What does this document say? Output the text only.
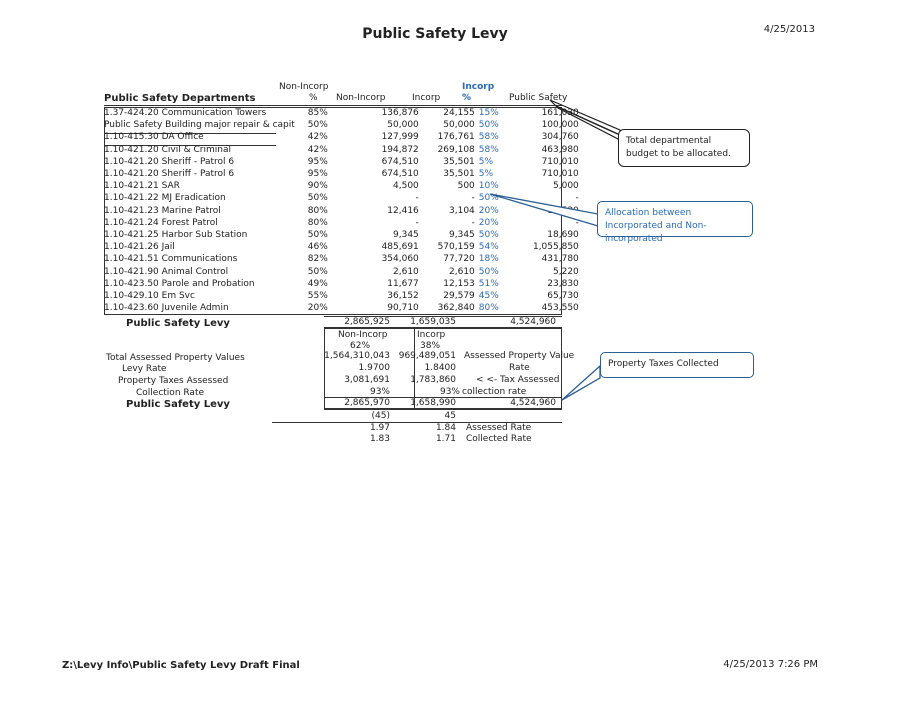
Public Safety Levy	4/25/2013
Non-Incorp
%
Public Safety Departments	Non-Incorp	Incorp
Incorp
%	Public Safety
1.37-424.20 Communication Towers	85%	136,876	24,155	15%	161,030
Public Safety Building major repair & capit	50%	50,000	50,000	50%	100,000
1.10-415.30 DA Office	42%	127,999	176,761	58%	304,760
1.10-421.20 Civil & Criminal	42%	194,872	269,108	58%	463,980
1.10-421.20 Sheriff - Patrol 6	95%	674,510	35,501	5%	710,010
1.10-421.20 Sheriff - Patrol 6	95%	674,510	35,501	5%	710,010
1.10-421.21 SAR	90%	4,500	500	10%	5,000
1.10-421.22 MJ Eradication	50%	-	-	50%	-
1.10-421.23 Marine Patrol	80%	12,416	3,104	20%	
1.10-421.24 Forest Patrol	80%	-	-	20%	-
1.10-421.25 Harbor Sub Station	50%	9,345	9,345	50%	18,690
1.10-421.26 Jail	46%	485,691	570,159	54%	1,055,850
1.10-421.51 Communications	82%	354,060	77,720	18%	431,780
1.10-421.90 Animal Control	50%	2,610	2,610	50%	5,220
1.10-423.50 Parole and Probation	49%	11,677	12,153	51%	23,830
1.10-429.10 Em Svc	55%	36,152	29,579	45%	65,730
1.10-423.60 Juvenile Admin	20%	90,710	362,840	80%	453,550
Public Safety Levy	2,865,925	1,659,035	4,524,960
Non-Incorp	Incorp
62%	38%
Total Assessed Property Values	1,564,310,043 969,489,051 Assessed Property Value
Levy Rate	1.9700	1.8400	Rate
Property Taxes Assessed	3,081,691	1,783,860 < <- Tax Assessed
Collection Rate	93%	93% collection rate
Public Safety Levy	2,865,970	1,658,990	4,524,960
(45)	45
1.97	1.84 Assessed Rate
1.83	1.71 Collected Rate
Total departmental budget to be allocated.
Allocation between Incorporated and Non-incorporated
Property Taxes Collected
Z:\Levy Info\Public Safety Levy Draft Final	4/25/2013 7:26 PM
